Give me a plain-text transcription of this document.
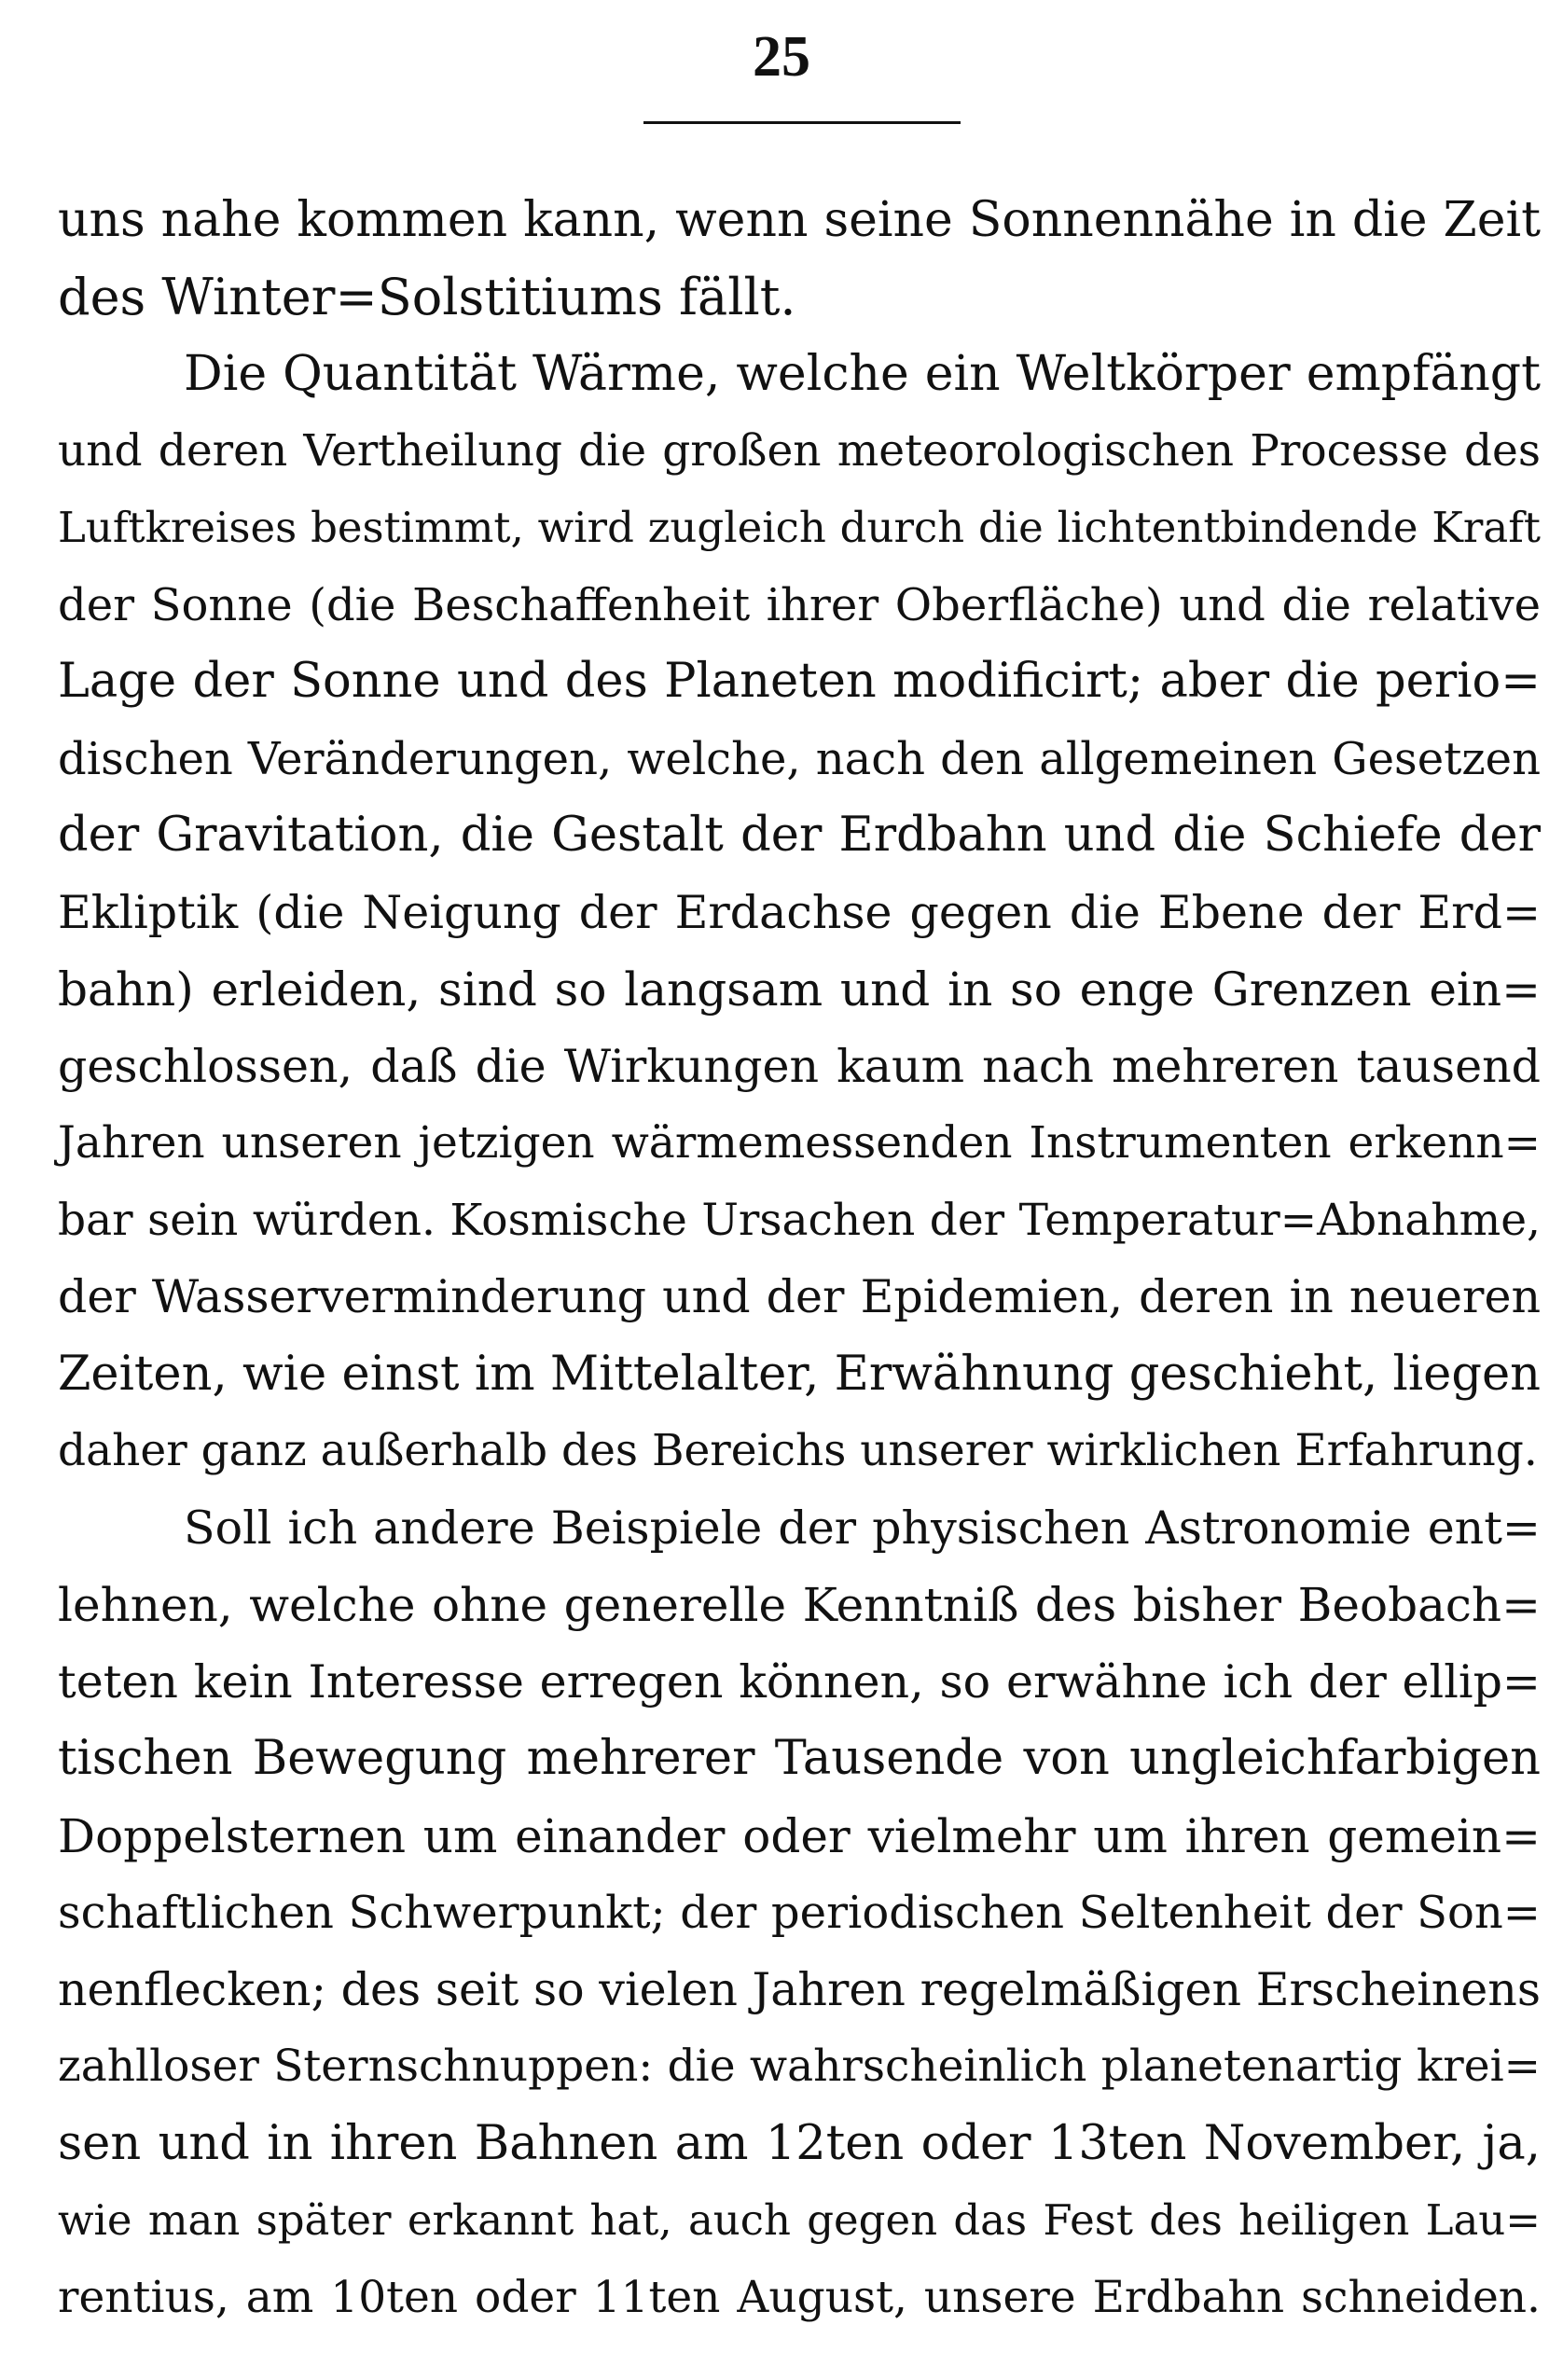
25
uns nahe kommen kann, wenn seine Sonnennähe in die Zeit
des Winter=Solstitiums fällt.
Die Quantität Wärme, welche ein Weltkörper empfängt
und deren Vertheilung die großen meteorologischen Processe des
Luftkreises bestimmt, wird zugleich durch die lichtentbindende Kraft
der Sonne (die Beschaffenheit ihrer Oberfläche) und die relative
Lage der Sonne und des Planeten modificirt; aber die perio=
dischen Veränderungen, welche, nach den allgemeinen Gesetzen
der Gravitation, die Gestalt der Erdbahn und die Schiefe der
Ekliptik (die Neigung der Erdachse gegen die Ebene der Erd=
bahn) erleiden, sind so langsam und in so enge Grenzen ein=
geschlossen, daß die Wirkungen kaum nach mehreren tausend
Jahren unseren jetzigen wärmemessenden Instrumenten erkenn=
bar sein würden. Kosmische Ursachen der Temperatur=Abnahme,
der Wasserverminderung und der Epidemien, deren in neueren
Zeiten, wie einst im Mittelalter, Erwähnung geschieht, liegen
daher ganz außerhalb des Bereichs unserer wirklichen Erfahrung.
Soll ich andere Beispiele der physischen Astronomie ent=
lehnen, welche ohne generelle Kenntniß des bisher Beobach=
teten kein Interesse erregen können, so erwähne ich der ellip=
tischen Bewegung mehrerer Tausende von ungleichfarbigen
Doppelsternen um einander oder vielmehr um ihren gemein=
schaftlichen Schwerpunkt; der periodischen Seltenheit der Son=
nenflecken; des seit so vielen Jahren regelmäßigen Erscheinens
zahlloser Sternschnuppen: die wahrscheinlich planetenartig krei=
sen und in ihren Bahnen am 12ten oder 13ten November, ja,
wie man später erkannt hat, auch gegen das Fest des heiligen Lau=
rentius, am 10ten oder 11ten August, unsere Erdbahn schneiden.
